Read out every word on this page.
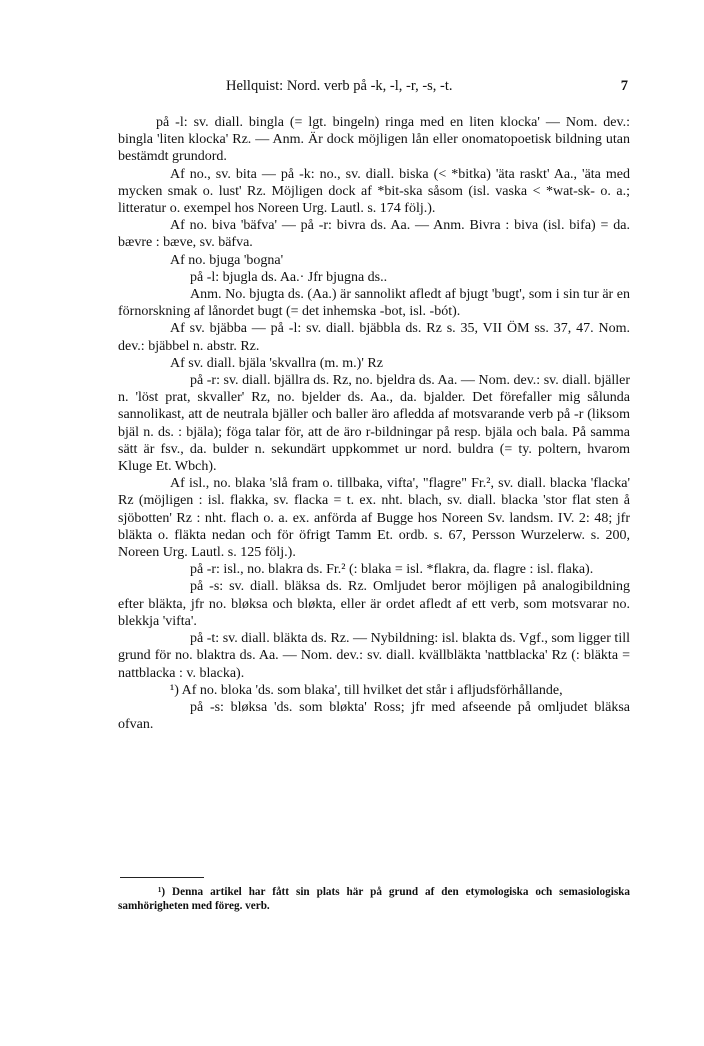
Hellquist: Nord. verb på -k, -l, -r, -s, -t.	7

på -l: sv. diall. bingla (= lgt. bingeln) ringa med en liten klocka' — Nom. dev.: bingla 'liten klocka' Rz. — Anm. Är dock möjligen lån eller onomatopoetisk bildning utan bestämdt grundord.

Af no., sv. bita — på -k: no., sv. diall. biska (< *bitka) 'äta raskt' Aa., 'äta med mycken smak o. lust' Rz. Möjligen dock af *bit-ska såsom (isl. vaska < *wat-sk- o. a.; litteratur o. exempel hos Noreen Urg. Lautl. s. 174 följ.).

Af no. biva 'bäfva' — på -r: bivra ds. Aa. — Anm. Bivra : biva (isl. bifa) = da. bævre : bæve, sv. bäfva.

Af no. bjuga 'bogna'

på -l: bjugla ds. Aa.· Jfr bjugna ds..

Anm. No. bjugta ds. (Aa.) är sannolikt afledt af bjugt 'bugt', som i sin tur är en förnorskning af lånordet bugt (= det inhemska -bot, isl. -bót).

Af sv. bjäbba — på -l: sv. diall. bjäbbla ds. Rz s. 35, VII ÖM ss. 37, 47. Nom. dev.: bjäbbel n. abstr. Rz.

Af sv. diall. bjäla 'skvallra (m. m.)' Rz

på -r: sv. diall. bjällra ds. Rz, no. bjeldra ds. Aa. — Nom. dev.: sv. diall. bjäller n. 'löst prat, skvaller' Rz, no. bjelder ds. Aa., da. bjalder. Det förefaller mig sålunda sannolikast, att de neutrala bjäller och baller äro afledda af motsvarande verb på -r (liksom bjäl n. ds. : bjäla); föga talar för, att de äro r-bildningar på resp. bjäla och bala. På samma sätt är fsv., da. bulder n. sekundärt uppkommet ur nord. buldra (= ty. poltern, hvarom Kluge Et. Wbch).

Af isl., no. blaka 'slå fram o. tillbaka, vifta', "flagre" Fr.², sv. diall. blacka 'flacka' Rz (möjligen : isl. flakka, sv. flacka = t. ex. nht. blach, sv. diall. blacka 'stor flat sten å sjöbotten' Rz : nht. flach o. a. ex. anförda af Bugge hos Noreen Sv. landsm. IV. 2: 48; jfr bläkta o. fläkta nedan och för öfrigt Tamm Et. ordb. s. 67, Persson Wurzelerw. s. 200, Noreen Urg. Lautl. s. 125 följ.).

på -r: isl., no. blakra ds. Fr.² (: blaka = isl. *flakra, da. flagre : isl. flaka).

på -s: sv. diall. bläksa ds. Rz. Omljudet beror möjligen på analogibildning efter bläkta, jfr no. bløksa och bløkta, eller är ordet afledt af ett verb, som motsvarar no. blekkja 'vifta'.

på -t: sv. diall. bläkta ds. Rz. — Nybildning: isl. blakta ds. Vgf., som ligger till grund för no. blaktra ds. Aa. — Nom. dev.: sv. diall. kvällbläkta 'nattblacka' Rz (: bläkta = nattblacka : v. blacka).

¹) Af no. bloka 'ds. som blaka', till hvilket det står i afljudsförhållande,

på -s: bløksa 'ds. som bløkta' Ross; jfr med afseende på omljudet bläksa ofvan.

¹) Denna artikel har fått sin plats här på grund af den etymologiska och semasiologiska samhörigheten med föreg. verb.
